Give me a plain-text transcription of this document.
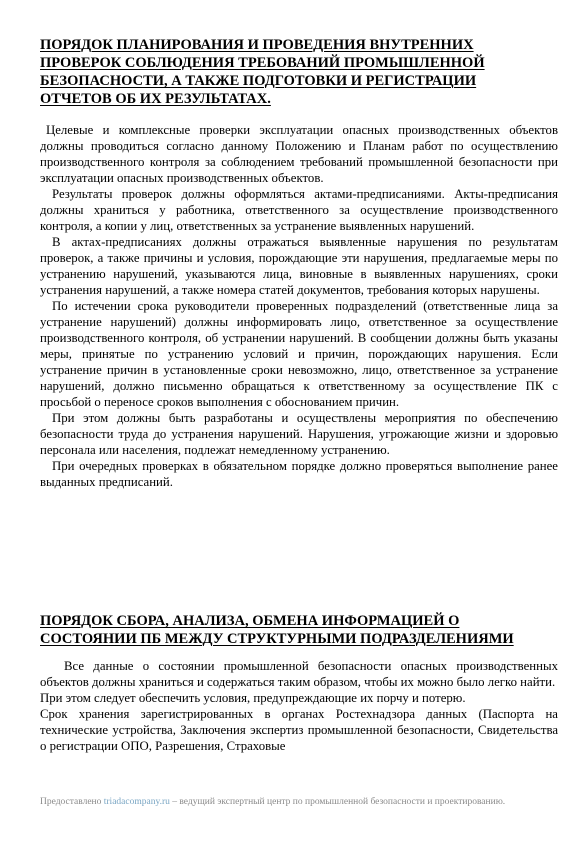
ПОРЯДОК ПЛАНИРОВАНИЯ И ПРОВЕДЕНИЯ ВНУТРЕННИХ
ПРОВЕРОК СОБЛЮДЕНИЯ ТРЕБОВАНИЙ ПРОМЫШЛЕННОЙ
БЕЗОПАСНОСТИ, А ТАКЖЕ ПОДГОТОВКИ И РЕГИСТРАЦИИ
ОТЧЕТОВ ОБ ИХ РЕЗУЛЬТАТАХ.

Целевые и комплексные проверки эксплуатации опасных производственных объектов должны проводиться согласно данному Положению и Планам работ по осуществлению производственного контроля за соблюдением требований промышленной безопасности при эксплуатации опасных производственных объектов.

Результаты проверок должны оформляться актами-предписаниями. Акты-предписания должны храниться у работника, ответственного за осуществление производственного контроля, а копии у лиц, ответственных за устранение выявленных нарушений.

В актах-предписаниях должны отражаться выявленные нарушения по результатам проверок, а также причины и условия, порождающие эти нарушения, предлагаемые меры по устранению нарушений, указываются лица, виновные в выявленных нарушениях, сроки устранения нарушений, а также номера статей документов, требования которых нарушены.

По истечении срока руководители проверенных подразделений (ответственные лица за устранение нарушений) должны информировать лицо, ответственное за осуществление производственного контроля, об устранении нарушений. В сообщении должны быть указаны меры, принятые по устранению условий и причин, порождающих нарушения. Если устранение причин в установленные сроки невозможно, лицо, ответственное за устранение нарушений, должно письменно обращаться к ответственному за осуществление ПК с просьбой о переносе сроков выполнения с обоснованием причин.

При этом должны быть разработаны и осуществлены мероприятия по обеспечению безопасности труда до устранения нарушений. Нарушения, угрожающие жизни и здоровью персонала или населения, подлежат немедленному устранению.

При очередных проверках в обязательном порядке должно проверяться выполнение ранее выданных предписаний.

ПОРЯДОК СБОРА, АНАЛИЗА, ОБМЕНА ИНФОРМАЦИЕЙ О
СОСТОЯНИИ ПБ МЕЖДУ СТРУКТУРНЫМИ ПОДРАЗДЕЛЕНИЯМИ

Все данные о состоянии промышленной безопасности опасных производственных объектов должны храниться и содержаться таким образом, чтобы их можно было легко найти.

При этом следует обеспечить условия, предупреждающие их порчу и потерю.

Срок хранения зарегистрированных в органах Ростехнадзора данных (Паспорта на технические устройства, Заключения экспертиз промышленной безопасности, Свидетельства о регистрации ОПО, Разрешения, Страховые

Предоставлено triadacompany.ru – ведущий экспертный центр по промышленной безопасности и проектированию.
